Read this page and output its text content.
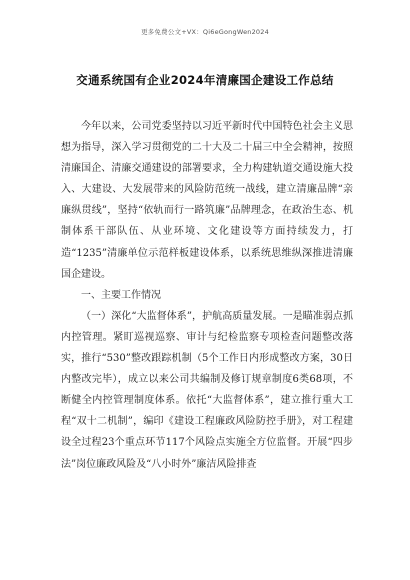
更多免费公文+VX：Qi6eGongWen2024
交通系统国有企业2024年清廉国企建设工作总结

今年以来，公司党委坚持以习近平新时代中国特色社会主义思想为指导，深入学习贯彻党的二十大及二十届三中全会精神，按照清廉国企、清廉交通建设的部署要求，全力构建轨道交通设施大投入、大建设、大发展带来的风险防范统一战线，建立清廉品牌“亲廉纵贯线”，坚持“依轨而行一路筑廉”品牌理念，在政治生态、机制体系干部队伍、从业环境、文化建设等方面持续发力，打造“1235”清廉单位示范样板建设体系，以系统思维纵深推进清廉国企建设。

一、主要工作情况

（一）深化“大监督体系”，护航高质量发展。一是瞄准弱点抓内控管理。紧盯巡视巡察、审计与纪检监察专项检查问题整改落实，推行“530”整改跟踪机制（5个工作日内形成整改方案，30日内整改完毕），成立以来公司共编制及修订规章制度6类68项，不断健全内控管理制度体系。依托“大监督体系”，建立推行重大工程“双十二机制”，编印《建设工程廉政风险防控手册》，对工程建设全过程23个重点环节117个风险点实施全方位监督。开展“四步法”岗位廉政风险及“八小时外”廉洁风险排查
